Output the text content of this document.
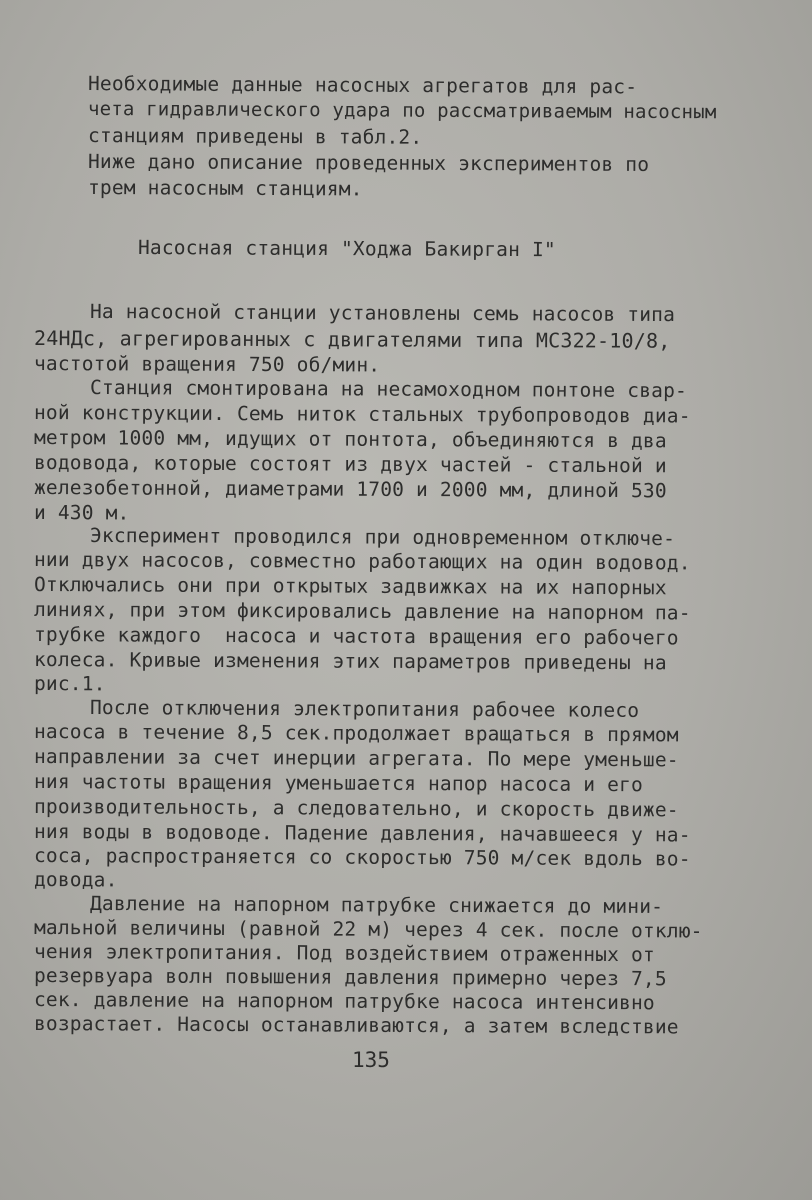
Необходимые данные насосных агрегатов для рас-
чета гидравлического удара по рассматриваемым насосным
станциям приведены в табл.2.
Ниже дано описание проведенных экспериментов по
трем насосным станциям.
Насосная станция "Ходжа Бакирган I"
На насосной станции установлены семь насосов типа
24НДс, агрегированных с двигателями типа МС322-10/8,
частотой вращения 750 об/мин.
Станция смонтирована на несамоходном понтоне свар-
ной конструкции. Семь ниток стальных трубопроводов диа-
метром 1000 мм, идущих от понтота, объединяются в два
водовода, которые состоят из двух частей - стальной и
железобетонной, диаметрами 1700 и 2000 мм, длиной 530
и 430 м.
Эксперимент проводился при одновременном отключе-
нии двух насосов, совместно работающих на один водовод.
Отключались они при открытых задвижках на их напорных
линиях, при этом фиксировались давление на напорном па-
трубке каждого  насоса и частота вращения его рабочего
колеса. Кривые изменения этих параметров приведены на
рис.1.
После отключения электропитания рабочее колесо
насоса в течение 8,5 сек.продолжает вращаться в прямом
направлении за счет инерции агрегата. По мере уменьше-
ния частоты вращения уменьшается напор насоса и его
производительность, а следовательно, и скорость движе-
ния воды в водоводе. Падение давления, начавшееся у на-
соса, распространяется со скоростью 750 м/сек вдоль во-
довода.
Давление на напорном патрубке снижается до мини-
мальной величины (равной 22 м) через 4 сек. после отклю-
чения электропитания. Под воздействием отраженных от
резервуара волн повышения давления примерно через 7,5
сек. давление на напорном патрубке насоса интенсивно
возрастает. Насосы останавливаются, а затем вследствие
135
